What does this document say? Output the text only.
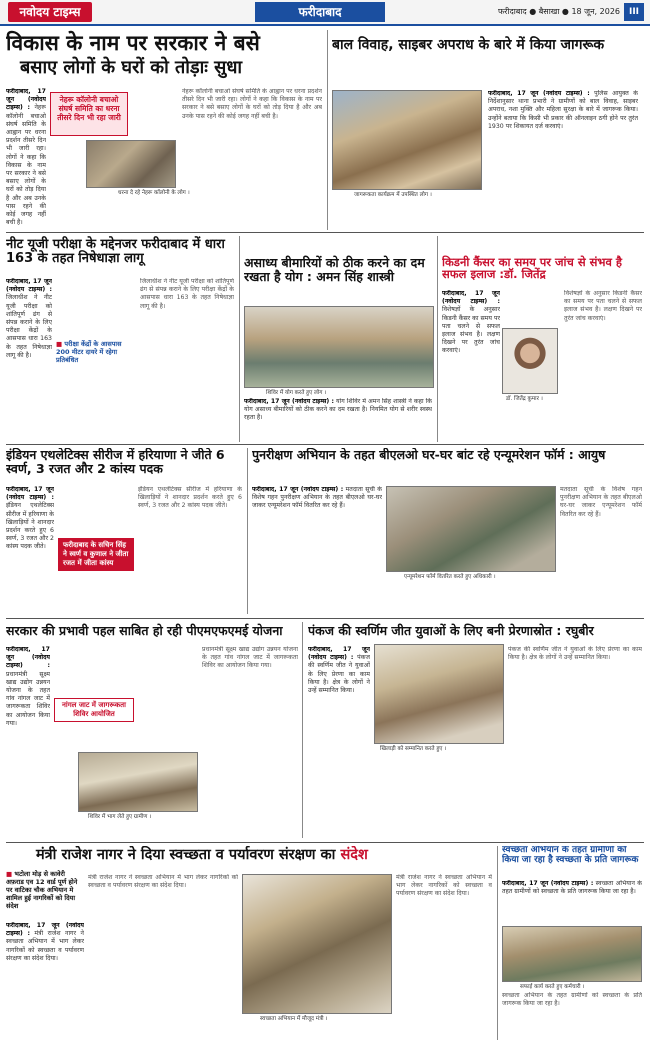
नवोदय टाइम्स	फरीदाबाद	फरीदाबाद ● बैसाखा ● 18 जून, 2026 III
विकास के नाम पर सरकार ने बसे
बसाए लोगों के घरों को तोड़ाः सुधा
नेहरू कॉलोनी बचाओ संघर्ष समिति का धरना तीसरे दिन भी रहा जारी
धरना दे रहे नेहरू कॉलोनी के लोग ।
फरीदाबाद, 17 जून (नवोदय टाइम्स) : नेहरू कॉलोनी बचाओ संघर्ष समिति के आह्वान पर धरना प्रदर्शन तीसरे दिन भी जारी रहा। लोगों ने कहा कि विकास के नाम पर सरकार ने बसे बसाए लोगों के घरों को तोड़ दिया है और अब उनके पास रहने की कोई जगह नहीं बची है।
नेहरू कॉलोनी बचाओ संघर्ष समिति के आह्वान पर धरना प्रदर्शन तीसरे दिन भी जारी रहा। लोगों ने कहा कि विकास के नाम पर सरकार ने बसे बसाए लोगों के घरों को तोड़ दिया है और अब उनके पास रहने की कोई जगह नहीं बची है।
बाल विवाह, साइबर अपराध के बारे में किया जागरूक
जागरूकता कार्यक्रम में उपस्थित लोग ।
फरीदाबाद, 17 जून (नवोदय टाइम्स) : पुलिस आयुक्त के निर्देशानुसार थाना प्रभारी ने ग्रामीणों को बाल विवाह, साइबर अपराध, नशा मुक्ति और महिला सुरक्षा के बारे में जागरूक किया। उन्होंने बताया कि किसी भी प्रकार की ऑनलाइन ठगी होने पर तुरंत 1930 पर शिकायत दर्ज करवाएं।
नीट यूजी परीक्षा के मद्देनजर फरीदाबाद में धारा 163 के तहत निषेधाज्ञा लागू
■ परीक्षा केंद्रों के आसपास 200 मीटर दायरे में रहेगा प्रतिबंधित
फरीदाबाद, 17 जून (नवोदय टाइम्स) : जिलाधीश ने नीट यूजी परीक्षा को शांतिपूर्ण ढंग से संपन्न कराने के लिए परीक्षा केंद्रों के आसपास धारा 163 के तहत निषेधाज्ञा लागू की है।
जिलाधीश ने नीट यूजी परीक्षा को शांतिपूर्ण ढंग से संपन्न कराने के लिए परीक्षा केंद्रों के आसपास धारा 163 के तहत निषेधाज्ञा लागू की है।
असाध्य बीमारियों को ठीक करने का दम रखता है योग : अमन सिंह शास्त्री
शिविर में योग करते हुए लोग ।
फरीदाबाद, 17 जून (नवोदय टाइम्स) : योग शिविर में अमन सिंह शास्त्री ने कहा कि योग असाध्य बीमारियों को ठीक करने का दम रखता है। नियमित योग से शरीर स्वस्थ रहता है।
किडनी कैंसर का समय पर जांच से संभव है सफल इलाज :डॉ. जितेंद्र
डॉ. जितेंद्र कुमार ।
फरीदाबाद, 17 जून (नवोदय टाइम्स) : विशेषज्ञों के अनुसार किडनी कैंसर का समय पर पता चलने से सफल इलाज संभव है। लक्षण दिखने पर तुरंत जांच करवाएं।
विशेषज्ञों के अनुसार किडनी कैंसर का समय पर पता चलने से सफल इलाज संभव है। लक्षण दिखने पर तुरंत जांच करवाएं।
इंडियन एथलेटिक्स सीरीज में हरियाणा ने जीते 6 स्वर्ण, 3 रजत और 2 कांस्य पदक
फरीदाबाद के सचिन सिंह ने स्वर्ण व कुणाल ने जीता रजत में जीता कांस्य
फरीदाबाद, 17 जून (नवोदय टाइम्स) : इंडियन एथलेटिक्स सीरीज में हरियाणा के खिलाड़ियों ने शानदार प्रदर्शन करते हुए 6 स्वर्ण, 3 रजत और 2 कांस्य पदक जीते।
इंडियन एथलेटिक्स सीरीज में हरियाणा के खिलाड़ियों ने शानदार प्रदर्शन करते हुए 6 स्वर्ण, 3 रजत और 2 कांस्य पदक जीते।
पुनरीक्षण अभियान के तहत बीएलओ घर-घर बांट रहे एन्यूमरेशन फॉर्म : आयुष
एन्यूमरेशन फॉर्म वितरित करते हुए अधिकारी ।
फरीदाबाद, 17 जून (नवोदय टाइम्स) : मतदाता सूची के विशेष गहन पुनरीक्षण अभियान के तहत बीएलओ घर-घर जाकर एन्यूमरेशन फॉर्म वितरित कर रहे हैं।
मतदाता सूची के विशेष गहन पुनरीक्षण अभियान के तहत बीएलओ घर-घर जाकर एन्यूमरेशन फॉर्म वितरित कर रहे हैं।
सरकार की प्रभावी पहल साबित हो रही पीएमएफएमई योजना
नांगल जाट में जागरूकता शिविर आयोजित
शिविर में भाग लेते हुए ग्रामीण ।
फरीदाबाद, 17 जून (नवोदय टाइम्स) : प्रधानमंत्री सूक्ष्म खाद्य उद्योग उन्नयन योजना के तहत गांव नांगल जाट में जागरूकता शिविर का आयोजन किया गया।
प्रधानमंत्री सूक्ष्म खाद्य उद्योग उन्नयन योजना के तहत गांव नांगल जाट में जागरूकता शिविर का आयोजन किया गया।
पंकज की स्वर्णिम जीत युवाओं के लिए बनी प्रेरणास्रोत : रघुबीर
खिलाड़ी को सम्मानित करते हुए ।
फरीदाबाद, 17 जून (नवोदय टाइम्स) : पंकज की स्वर्णिम जीत ने युवाओं के लिए प्रेरणा का काम किया है। क्षेत्र के लोगों ने उन्हें सम्मानित किया।
पंकज की स्वर्णिम जीत ने युवाओं के लिए प्रेरणा का काम किया है। क्षेत्र के लोगों ने उन्हें सम्मानित किया।
मंत्री राजेश नागर ने दिया स्वच्छता व पर्यावरण संरक्षण का संदेश
■ भटोला मोड़ से कावेरी अफ़राड एव 12 वार्ड पूर्ण होने पर वाटिका चौक अभियान मे शामिल हुई नागरिकों को दिया संदेश
स्वच्छता अभियान में मौजूद मंत्री ।
फरीदाबाद, 17 जून (नवोदय टाइम्स) : मंत्री राजेश नागर ने स्वच्छता अभियान में भाग लेकर नागरिकों को स्वच्छता व पर्यावरण संरक्षण का संदेश दिया।
मंत्री राजेश नागर ने स्वच्छता अभियान में भाग लेकर नागरिकों को स्वच्छता व पर्यावरण संरक्षण का संदेश दिया।
मंत्री राजेश नागर ने स्वच्छता अभियान में भाग लेकर नागरिकों को स्वच्छता व पर्यावरण संरक्षण का संदेश दिया।
स्वच्छता अभियान के तहत ग्रामीणों को किया जा रहा है स्वच्छता के प्रति जागरूक
फरीदाबाद, 17 जून (नवोदय टाइम्स) : स्वच्छता अभियान के तहत ग्रामीणों को स्वच्छता के प्रति जागरूक किया जा रहा है।
सफाई कार्य करते हुए कर्मचारी ।
स्वच्छता अभियान के तहत ग्रामीणों को स्वच्छता के प्रति जागरूक किया जा रहा है।
